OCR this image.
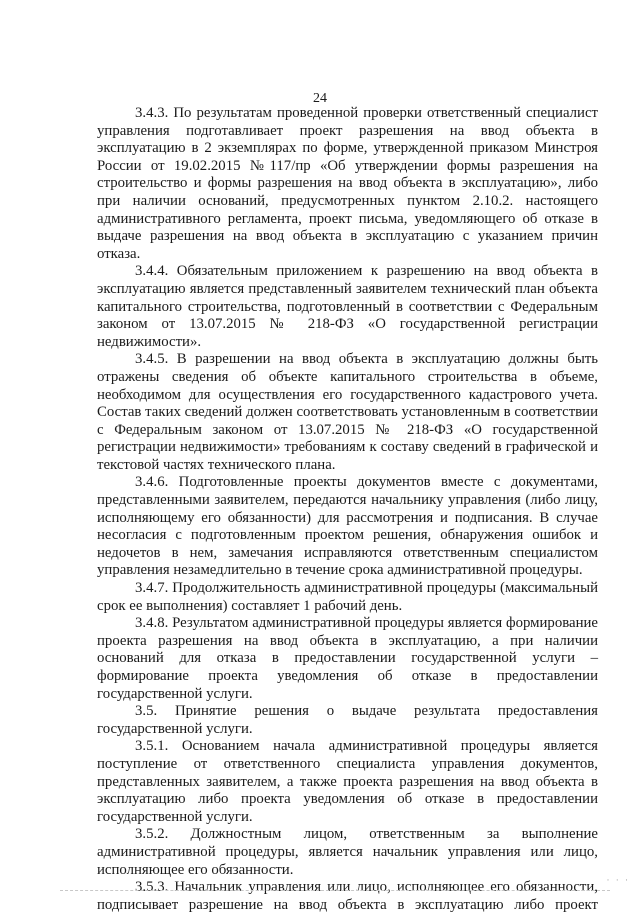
24

3.4.3. По результатам проведенной проверки ответственный специалист управления подготавливает проект разрешения на ввод объекта в эксплуатацию в 2 экземплярах по форме, утвержденной приказом Минстроя России от 19.02.2015 №117/пр «Об утверждении формы разрешения на строительство и формы разрешения на ввод объекта в эксплуатацию», либо при наличии оснований, предусмотренных пунктом 2.10.2. настоящего административного регламента, проект письма, уведомляющего об отказе в выдаче разрешения на ввод объекта в эксплуатацию с указанием причин отказа.

3.4.4. Обязательным приложением к разрешению на ввод объекта в эксплуатацию является представленный заявителем технический план объекта капитального строительства, подготовленный в соответствии с Федеральным законом от 13.07.2015 № 218-ФЗ «О государственной регистрации недвижимости».

3.4.5. В разрешении на ввод объекта в эксплуатацию должны быть отражены сведения об объекте капитального строительства в объеме, необходимом для осуществления его государственного кадастрового учета. Состав таких сведений должен соответствовать установленным в соответствии с Федеральным законом от 13.07.2015 № 218-ФЗ «О государственной регистрации недвижимости» требованиям к составу сведений в графической и текстовой частях технического плана.

3.4.6. Подготовленные проекты документов вместе с документами, представленными заявителем, передаются начальнику управления (либо лицу, исполняющему его обязанности) для рассмотрения и подписания. В случае несогласия с подготовленным проектом решения, обнаружения ошибок и недочетов в нем, замечания исправляются ответственным специалистом управления незамедлительно в течение срока административной процедуры.

3.4.7. Продолжительность административной процедуры (максимальный срок ее выполнения) составляет 1 рабочий день.

3.4.8. Результатом административной процедуры является формирование проекта разрешения на ввод объекта в эксплуатацию, а при наличии оснований для отказа в предоставлении государственной услуги – формирование проекта уведомления об отказе в предоставлении государственной услуги.

3.5. Принятие решения о выдаче результата предоставления государственной услуги.

3.5.1. Основанием начала административной процедуры является поступление от ответственного специалиста управления документов, представленных заявителем, а также проекта разрешения на ввод объекта в эксплуатацию либо проекта уведомления об отказе в предоставлении государственной услуги.

3.5.2. Должностным лицом, ответственным за выполнение административной процедуры, является начальник управления или лицо, исполняющее его обязанности.

3.5.3. Начальник управления или лицо, исполняющее его обязанности, подписывает разрешение на ввод объекта в эксплуатацию либо проект

· · ·
